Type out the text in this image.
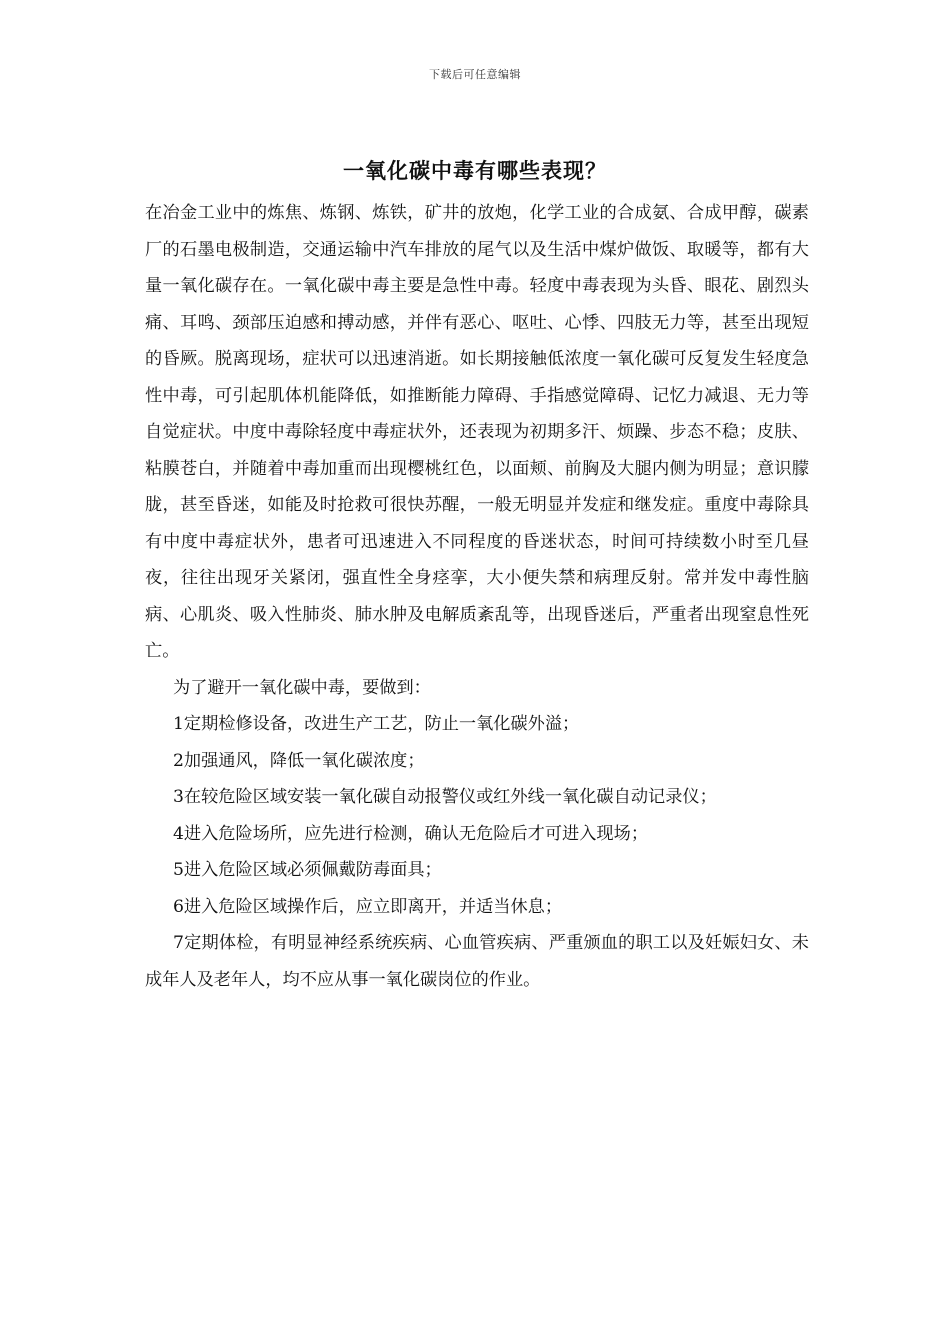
下载后可任意编辑
一氧化碳中毒有哪些表现？

在冶金工业中的炼焦、炼钢、炼铁，矿井的放炮，化学工业的合成氨、合成甲醇，碳素厂的石墨电极制造，交通运输中汽车排放的尾气以及生活中煤炉做饭、取暖等，都有大量一氧化碳存在。一氧化碳中毒主要是急性中毒。轻度中毒表现为头昏、眼花、剧烈头痛、耳鸣、颈部压迫感和搏动感，并伴有恶心、呕吐、心悸、四肢无力等，甚至出现短的昏厥。脱离现场，症状可以迅速消逝。如长期接触低浓度一氧化碳可反复发生轻度急性中毒，可引起肌体机能降低，如推断能力障碍、手指感觉障碍、记忆力减退、无力等自觉症状。中度中毒除轻度中毒症状外，还表现为初期多汗、烦躁、步态不稳；皮肤、粘膜苍白，并随着中毒加重而出现樱桃红色，以面颊、前胸及大腿内侧为明显；意识朦胧，甚至昏迷，如能及时抢救可很快苏醒，一般无明显并发症和继发症。重度中毒除具有中度中毒症状外，患者可迅速进入不同程度的昏迷状态，时间可持续数小时至几昼夜，往往出现牙关紧闭，强直性全身痉挛，大小便失禁和病理反射。常并发中毒性脑病、心肌炎、吸入性肺炎、肺水肿及电解质紊乱等，出现昏迷后，严重者出现窒息性死亡。

为了避开一氧化碳中毒，要做到：

1定期检修设备，改进生产工艺，防止一氧化碳外溢；

2加强通风，降低一氧化碳浓度；

3在较危险区域安装一氧化碳自动报警仪或红外线一氧化碳自动记录仪；

4进入危险场所，应先进行检测，确认无危险后才可进入现场；

5进入危险区域必须佩戴防毒面具；

6进入危险区域操作后，应立即离开，并适当休息；

7定期体检，有明显神经系统疾病、心血管疾病、严重颁血的职工以及妊娠妇女、未成年人及老年人，均不应从事一氧化碳岗位的作业。
